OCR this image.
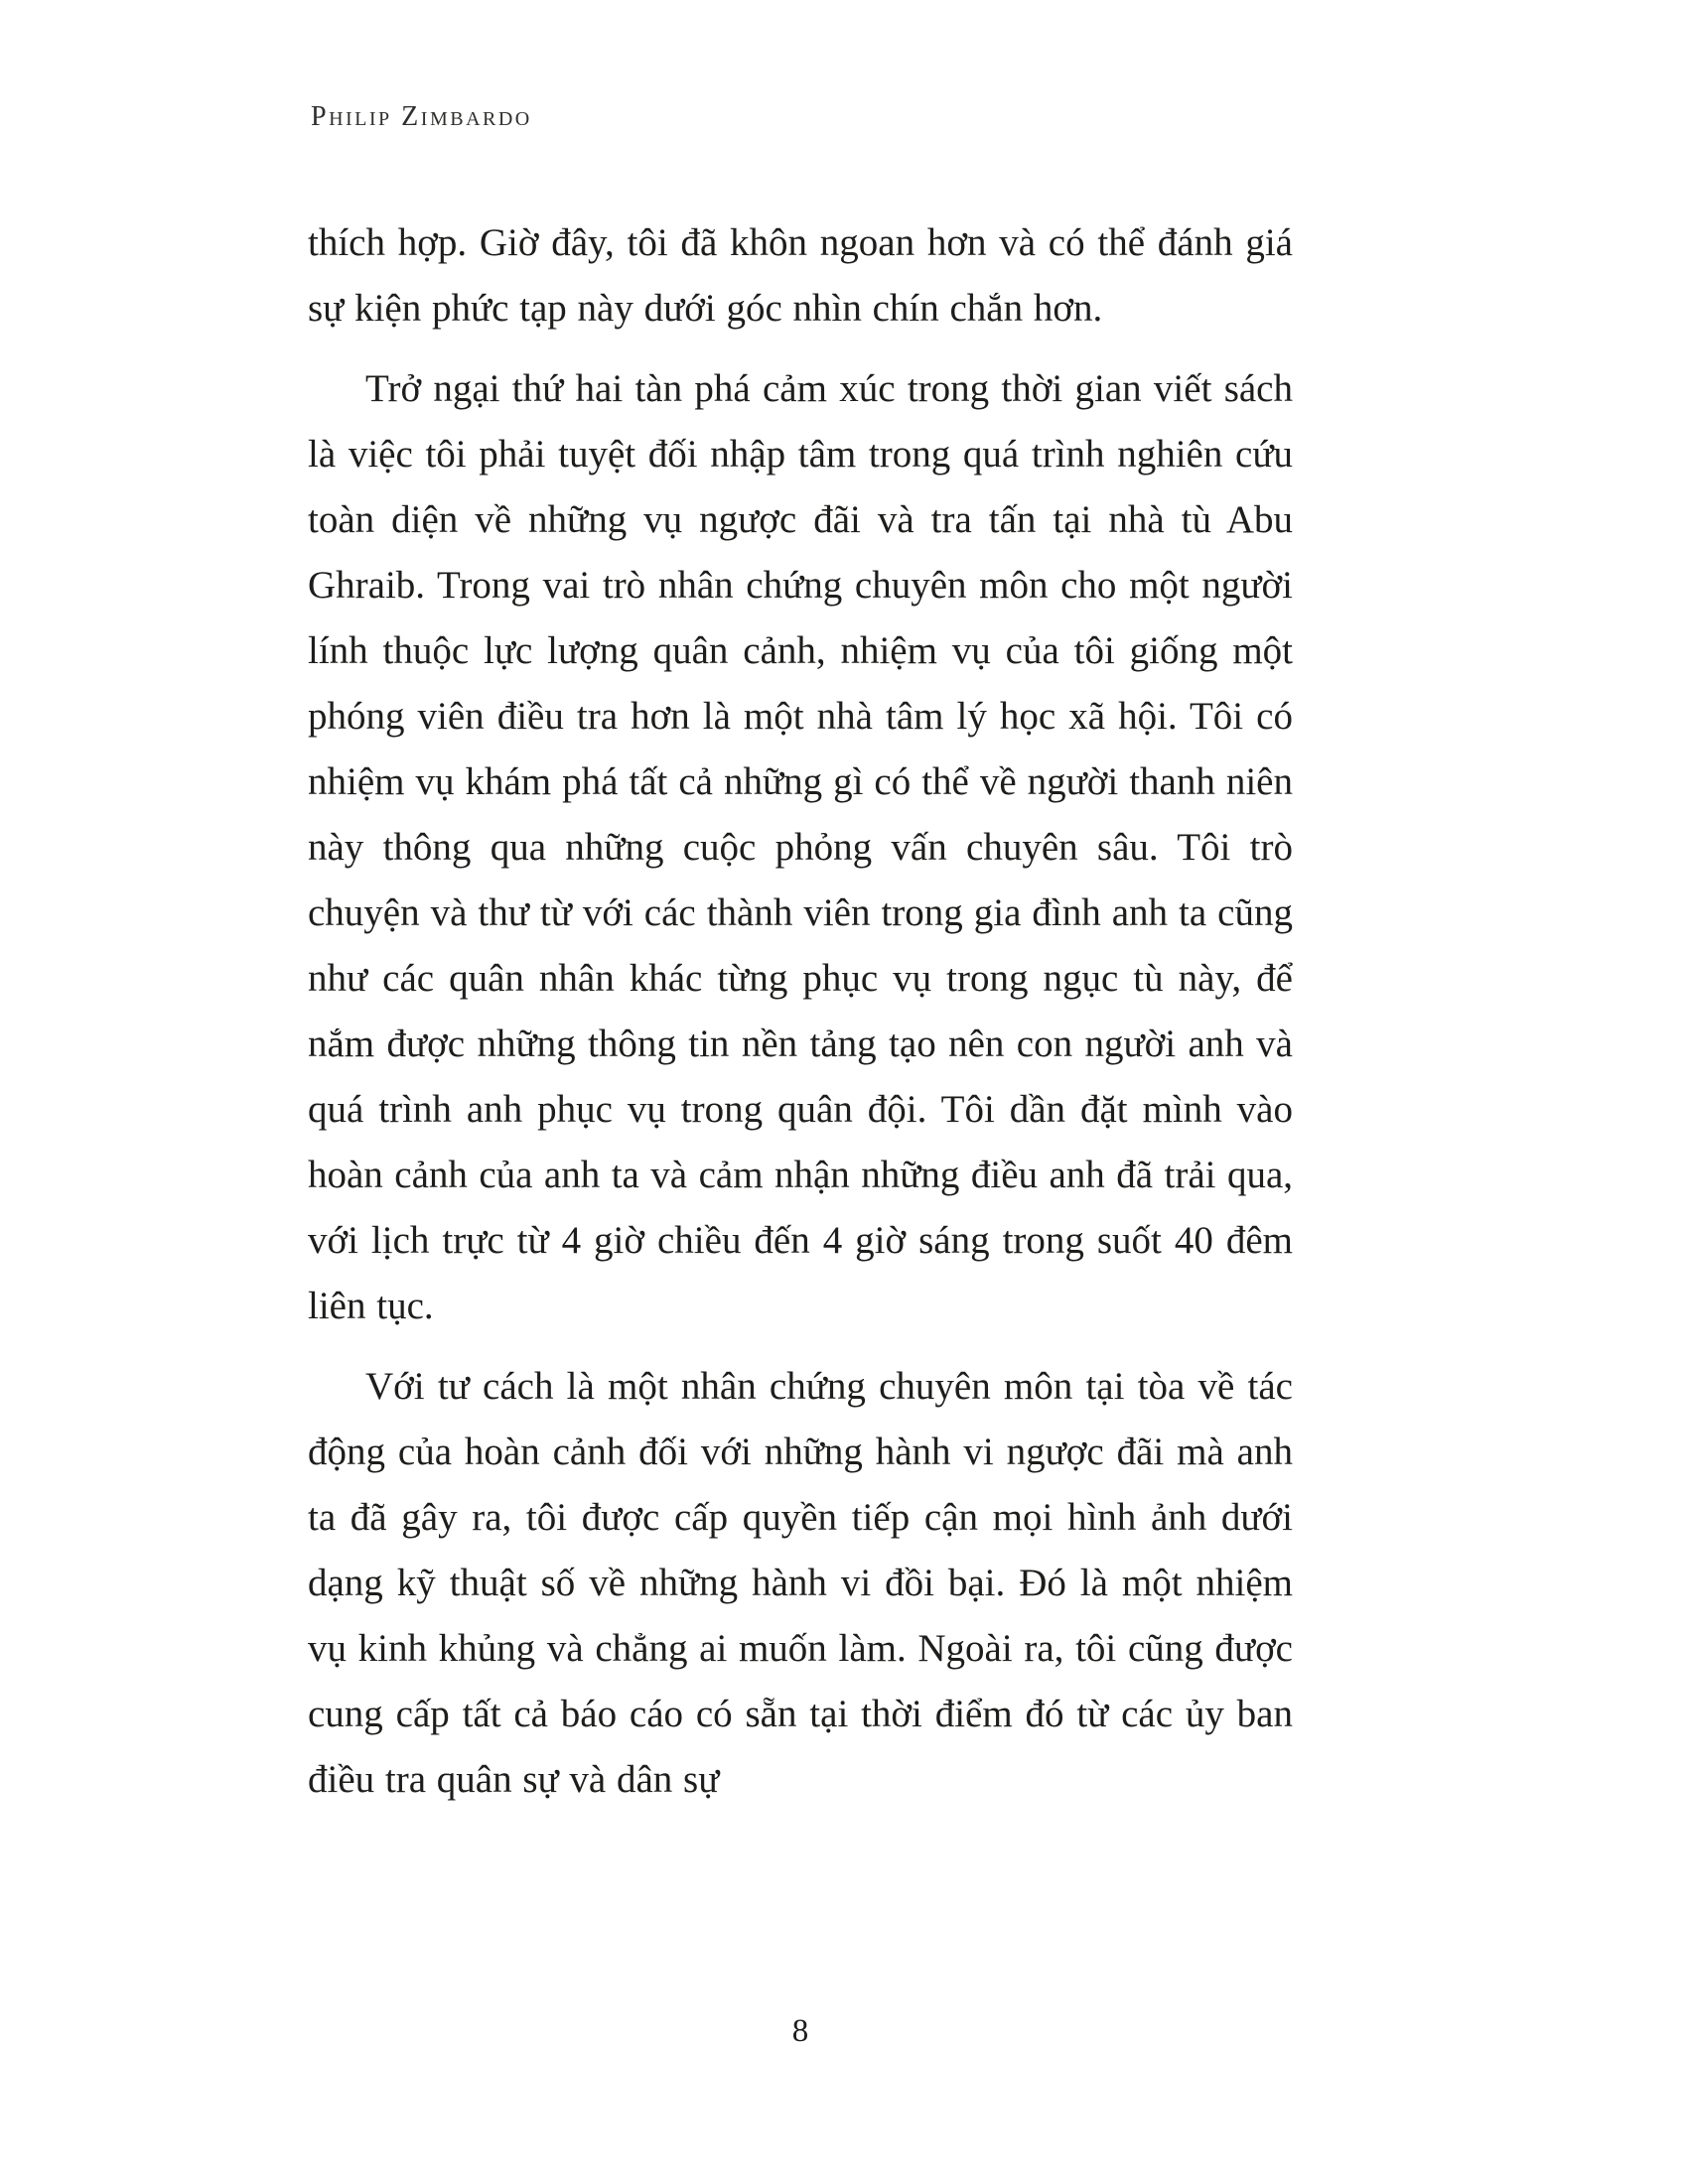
Philip Zimbardo

thích hợp. Giờ đây, tôi đã khôn ngoan hơn và có thể đánh giá sự kiện phức tạp này dưới góc nhìn chín chắn hơn.

Trở ngại thứ hai tàn phá cảm xúc trong thời gian viết sách là việc tôi phải tuyệt đối nhập tâm trong quá trình nghiên cứu toàn diện về những vụ ngược đãi và tra tấn tại nhà tù Abu Ghraib. Trong vai trò nhân chứng chuyên môn cho một người lính thuộc lực lượng quân cảnh, nhiệm vụ của tôi giống một phóng viên điều tra hơn là một nhà tâm lý học xã hội. Tôi có nhiệm vụ khám phá tất cả những gì có thể về người thanh niên này thông qua những cuộc phỏng vấn chuyên sâu. Tôi trò chuyện và thư từ với các thành viên trong gia đình anh ta cũng như các quân nhân khác từng phục vụ trong ngục tù này, để nắm được những thông tin nền tảng tạo nên con người anh và quá trình anh phục vụ trong quân đội. Tôi dần đặt mình vào hoàn cảnh của anh ta và cảm nhận những điều anh đã trải qua, với lịch trực từ 4 giờ chiều đến 4 giờ sáng trong suốt 40 đêm liên tục.

Với tư cách là một nhân chứng chuyên môn tại tòa về tác động của hoàn cảnh đối với những hành vi ngược đãi mà anh ta đã gây ra, tôi được cấp quyền tiếp cận mọi hình ảnh dưới dạng kỹ thuật số về những hành vi đồi bại. Đó là một nhiệm vụ kinh khủng và chẳng ai muốn làm. Ngoài ra, tôi cũng được cung cấp tất cả báo cáo có sẵn tại thời điểm đó từ các ủy ban điều tra quân sự và dân sự

8
